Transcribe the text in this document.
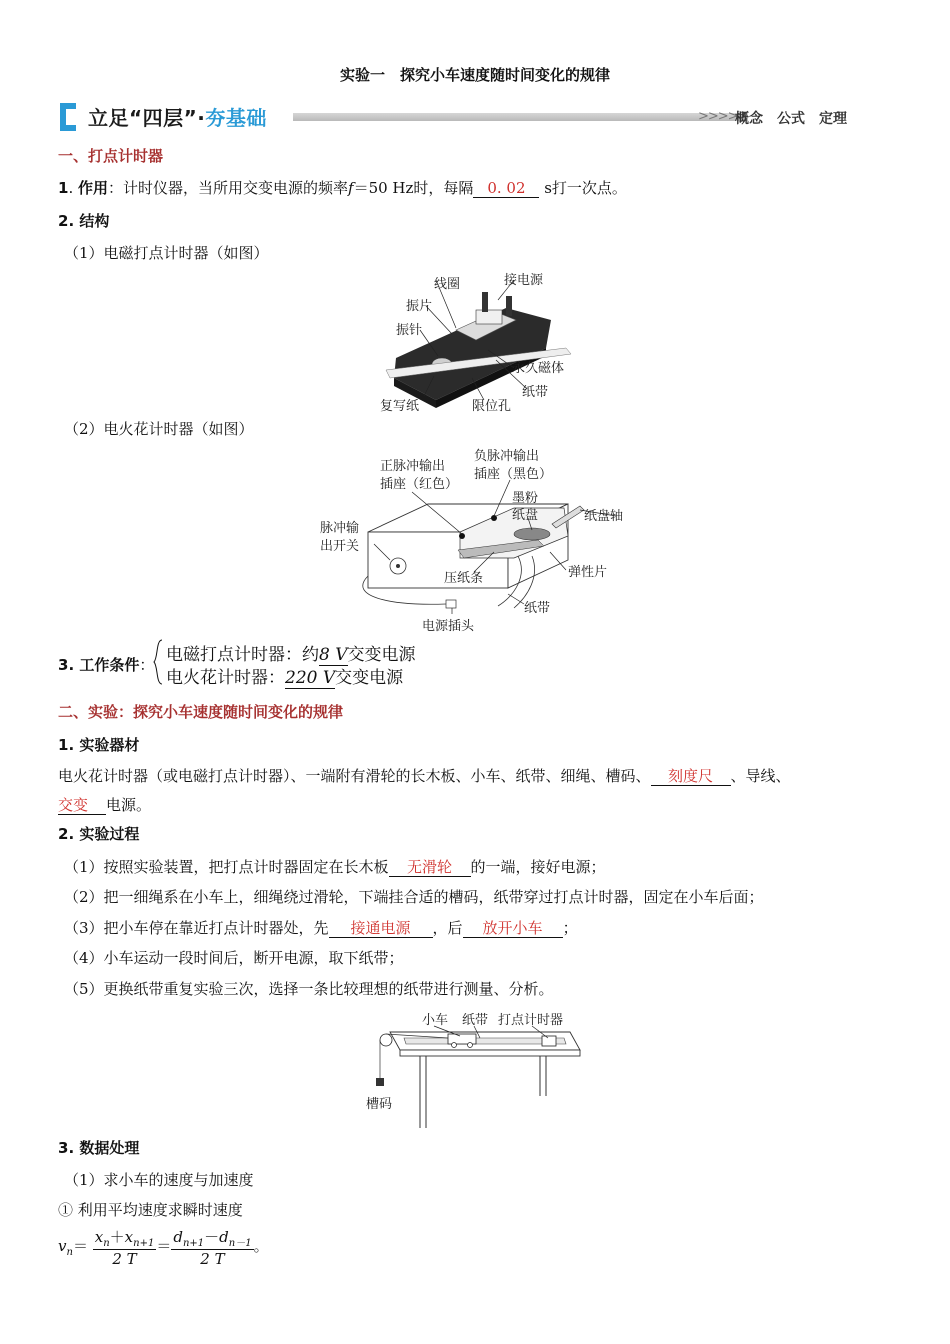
实验一　探究小车速度随时间变化的规律
立足“四层”·夯基础	>>>>
概念　公式　定理
一、打点计时器
1. 作用：计时仪器，当所用交变电源的频率f＝50 Hz时，每隔 0. 02 s打一次点。
2. 结构
（1）电磁打点计时器（如图）
线圈	接电源
振片
振针
永久磁体
纸带
复写纸	限位孔
（2）电火花计时器（如图）
正脉冲输出
插座（红色）
负脉冲输出
插座（黑色）
墨粉
纸盘	纸盘轴
脉冲输
出开关
压纸条	弹性片
纸带
电源插头
3. 工作条件： 电磁打点计时器：约8 V交变电源
电火花计时器：220 V交变电源
二、实验：探究小车速度随时间变化的规律
1. 实验器材
电火花计时器（或电磁打点计时器）、一端附有滑轮的长木板、小车、纸带、细绳、槽码、 刻度尺 、导线、
交变 电源。
2. 实验过程
（1）按照实验装置，把打点计时器固定在长木板 无滑轮 的一端，接好电源；
（2）把一细绳系在小车上，细绳绕过滑轮，下端挂合适的槽码，纸带穿过打点计时器，固定在小车后面；
（3）把小车停在靠近打点计时器处，先 接通电源 ，后 放开小车 ；
（4）小车运动一段时间后，断开电源，取下纸带；
（5）更换纸带重复实验三次，选择一条比较理想的纸带进行测量、分析。
小车 纸带 打点计时器
槽码
3. 数据处理
（1）求小车的速度与加速度
① 利用平均速度求瞬时速度
$v_n= \frac{x_n+x_{n+1}}{2 T} = \frac{d_{n+1}-d_{n-1}}{2 T}$ 。
